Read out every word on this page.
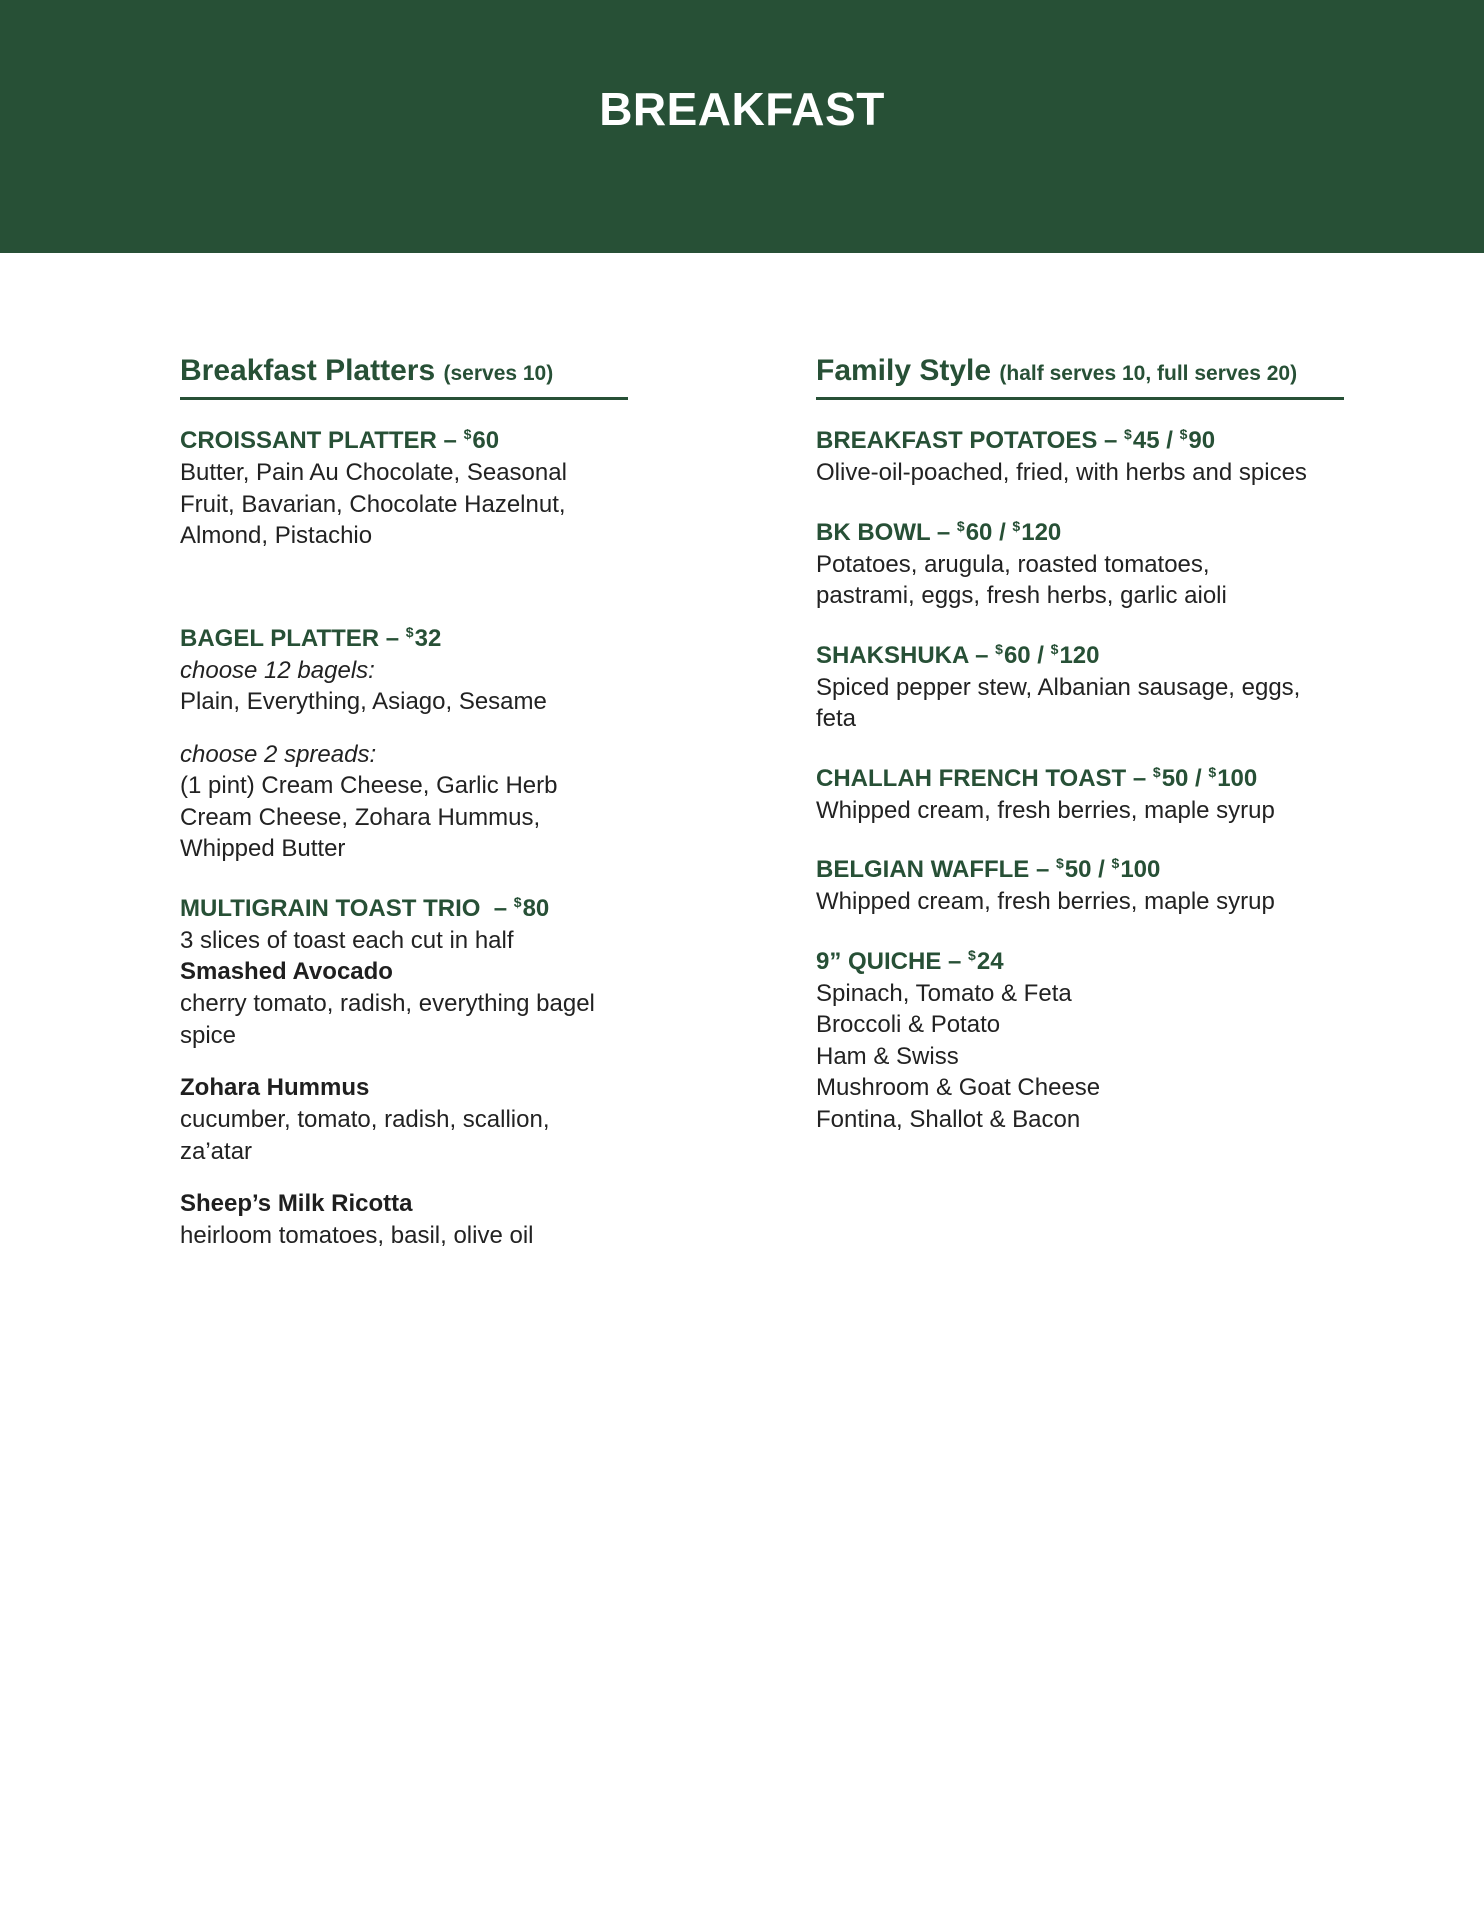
BREAKFAST
Breakfast Platters (serves 10)
CROISSANT PLATTER – $60
Butter, Pain Au Chocolate, Seasonal Fruit, Bavarian, Chocolate Hazelnut, Almond, Pistachio
BAGEL PLATTER – $32
choose 12 bagels:
Plain, Everything, Asiago, Sesame
choose 2 spreads:
(1 pint) Cream Cheese, Garlic Herb Cream Cheese, Zohara Hummus, Whipped Butter
MULTIGRAIN TOAST TRIO  – $80
3 slices of toast each cut in half
Smashed Avocado
cherry tomato, radish, everything bagel spice
Zohara Hummus
cucumber, tomato, radish, scallion, za’atar
Sheep’s Milk Ricotta
heirloom tomatoes, basil, olive oil
Family Style (half serves 10, full serves 20)
BREAKFAST POTATOES – $45 / $90
Olive-oil-poached, fried, with herbs and spices
BK BOWL – $60 / $120
Potatoes, arugula, roasted tomatoes, pastrami, eggs, fresh herbs, garlic aioli
SHAKSHUKA – $60 / $120
Spiced pepper stew, Albanian sausage, eggs, feta
CHALLAH FRENCH TOAST – $50 / $100
Whipped cream, fresh berries, maple syrup
BELGIAN WAFFLE – $50 / $100
Whipped cream, fresh berries, maple syrup
9” QUICHE – $24
Spinach, Tomato & Feta
Broccoli & Potato
Ham & Swiss
Mushroom & Goat Cheese
Fontina, Shallot & Bacon
